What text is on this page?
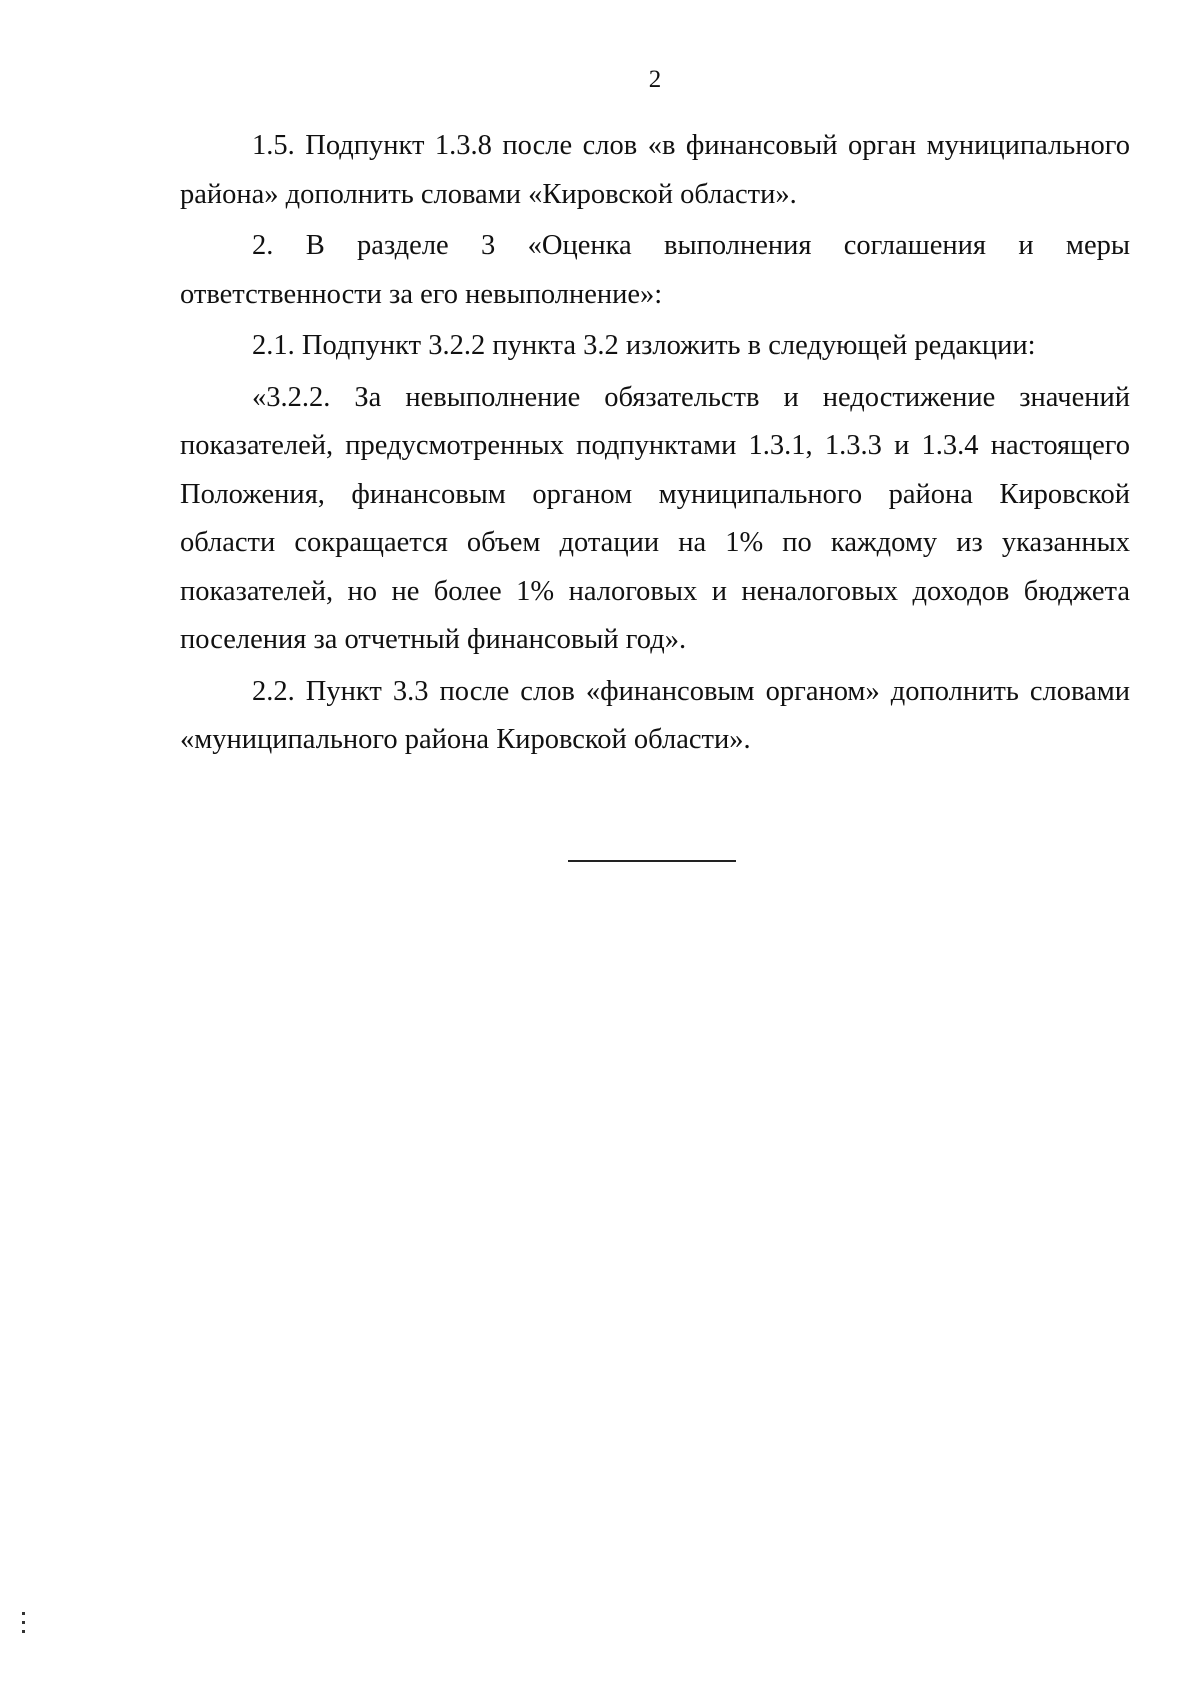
2

1.5. Подпункт 1.3.8 после слов «в финансовый орган муниципального района» дополнить словами «Кировской области».

2. В разделе 3 «Оценка выполнения соглашения и меры ответственности за его невыполнение»:

2.1. Подпункт 3.2.2 пункта 3.2 изложить в следующей редакции:

«3.2.2. За невыполнение обязательств и недостижение значений показателей, предусмотренных подпунктами 1.3.1, 1.3.3 и 1.3.4 настоящего Положения, финансовым органом муниципального района Кировской области сокращается объем дотации на 1% по каждому из указанных показателей, но не более 1% налоговых и неналоговых доходов бюджета поселения за отчетный финансовый год».

2.2. Пункт 3.3 после слов «финансовым органом» дополнить словами «муниципального района Кировской области».
